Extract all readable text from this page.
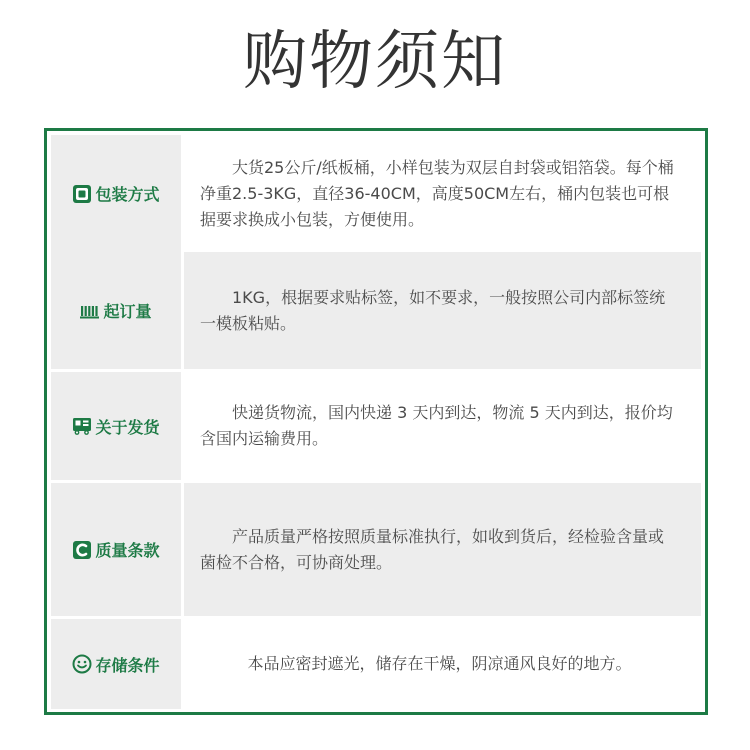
购物须知
包装方式

大货25公斤/纸板桶，小样包装为双层自封袋或铝箔袋。每个桶净重2.5-3KG，直径36-40CM，高度50CM左右，桶内包装也可根据要求换成小包装，方便使用。

起订量

1KG，根据要求贴标签，如不要求，一般按照公司内部标签统一模板粘贴。

关于发货

快递货物流，国内快递 3 天内到达，物流 5 天内到达，报价均含国内运输费用。

质量条款

产品质量严格按照质量标准执行，如收到货后，经检验含量或菌检不合格，可协商处理。

存储条件	本品应密封遮光，储存在干燥，阴凉通风良好的地方。
